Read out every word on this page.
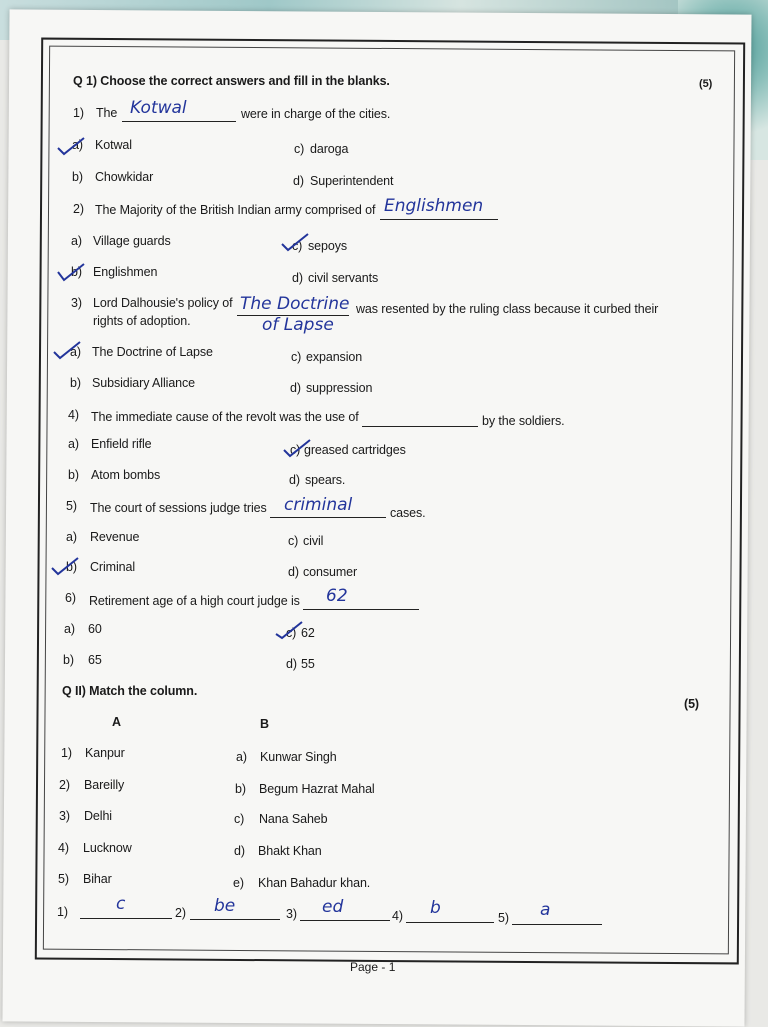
Q 1) Choose the correct answers and fill in the blanks.	(5)
1) The Kotwal	were in charge of the cities.
a) Kotwal	c) daroga
b) Chowkidar	d) Superintendent
2) The Majority of the British Indian army comprised of Englishmen
a) Village guards	c) sepoys
b) Englishmen	d) civil servants
3) Lord Dalhousie's policy of The Doctrine was resented by the ruling class because it curbed their
rights of adoption.	of Lapse
a) The Doctrine of Lapse	c) expansion
b) Subsidiary Alliance	d) suppression
4) The immediate cause of the revolt was the use of	by the soldiers.
a) Enfield rifle	c) greased cartridges
b) Atom bombs	d) spears.
5) The court of sessions judge tries criminal	cases.
a) Revenue	c) civil
b) Criminal	d) consumer
6) Retirement age of a high court judge is 62
a) 60	c) 62
b) 65	d) 55
Q II) Match the column.
(5)
A	B
1) Kanpur	a) Kunwar Singh
2) Bareilly	b) Begum Hazrat Mahal
3) Delhi	c) Nana Saheb
4) Lucknow	d) Bhakt Khan
5) Bihar	e) Khan Bahadur khan.
1)	c	2) be	3) ed	4) b	5) a
Page - 1
